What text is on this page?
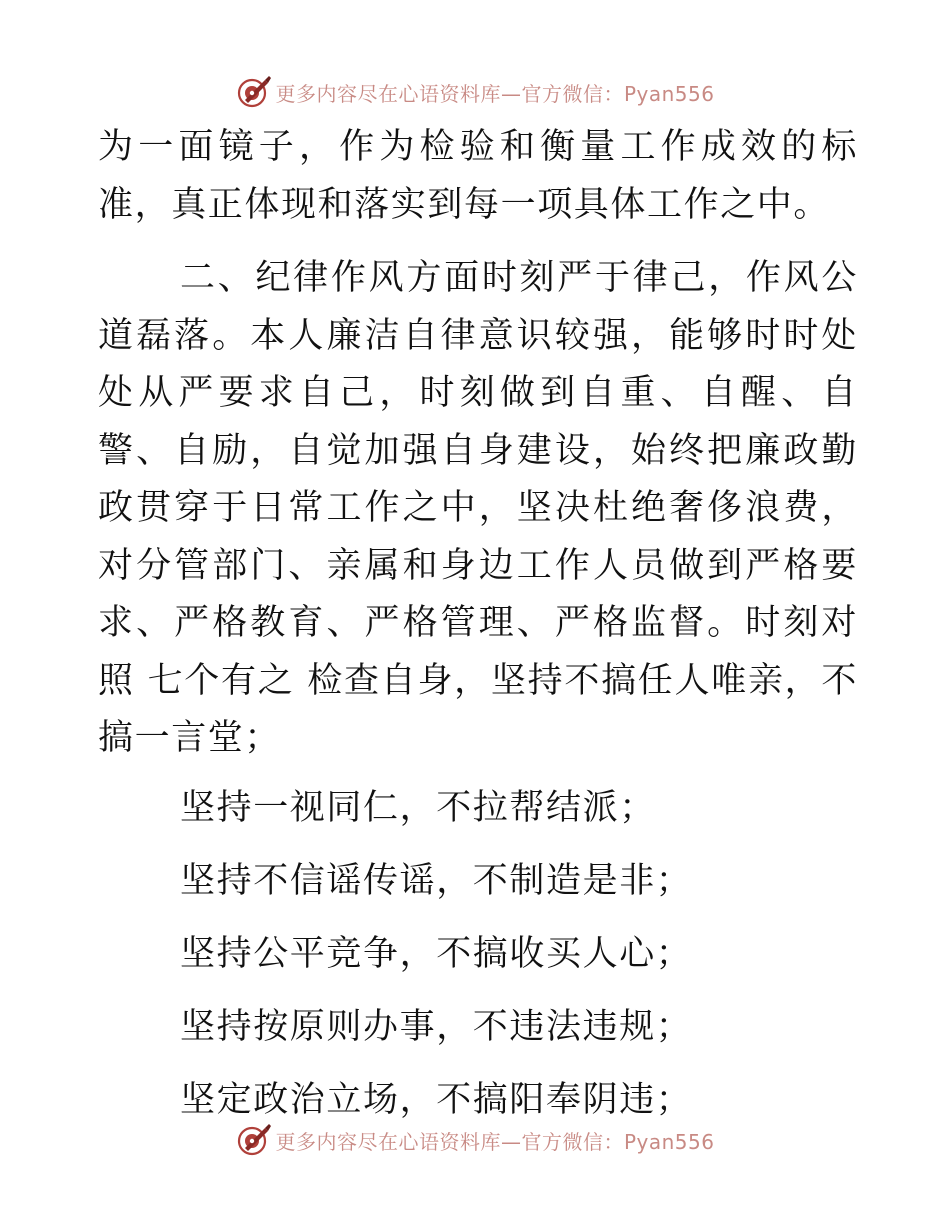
更多内容尽在心语资料库—官方微信：Pyan556

为一面镜子，作为检验和衡量工作成效的标准，真正体现和落实到每一项具体工作之中。

二、纪律作风方面时刻严于律己，作风公道磊落。本人廉洁自律意识较强，能够时时处处从严要求自己，时刻做到自重、自醒、自警、自励，自觉加强自身建设，始终把廉政勤政贯穿于日常工作之中，坚决杜绝奢侈浪费，对分管部门、亲属和身边工作人员做到严格要求、严格教育、严格管理、严格监督。时刻对照 七个有之 检查自身，坚持不搞任人唯亲，不搞一言堂；

坚持一视同仁，不拉帮结派；

坚持不信谣传谣，不制造是非；

坚持公平竞争，不搞收买人心；

坚持按原则办事，不违法违规；

坚定政治立场，不搞阳奉阴违；

更多内容尽在心语资料库—官方微信：Pyan556
